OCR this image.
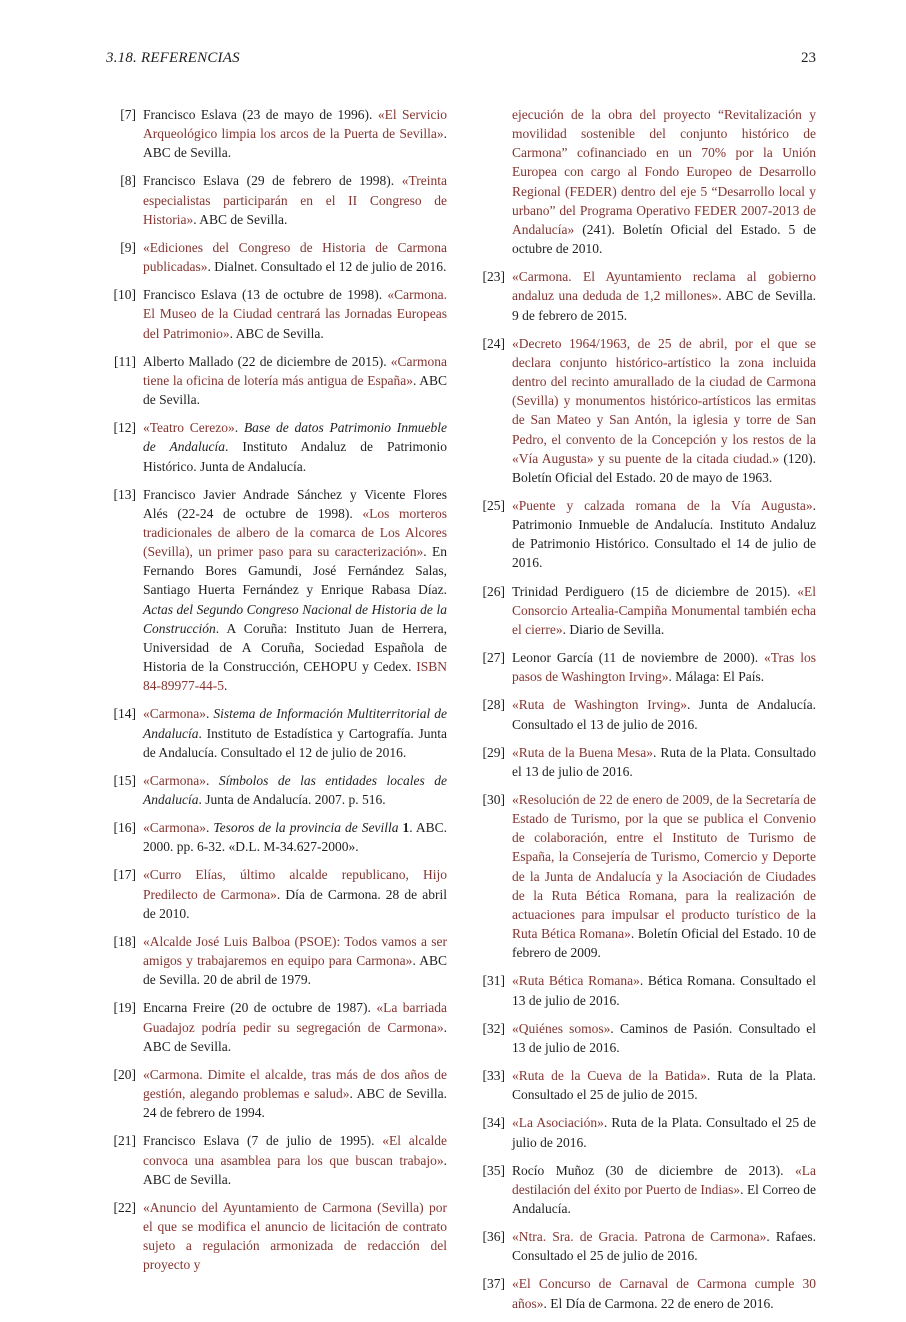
3.18. REFERENCIAS	23
[7] Francisco Eslava (23 de mayo de 1996). «El Servicio Arqueológico limpia los arcos de la Puerta de Sevilla». ABC de Sevilla.
[8] Francisco Eslava (29 de febrero de 1998). «Treinta especialistas participarán en el II Congreso de Historia». ABC de Sevilla.
[9] «Ediciones del Congreso de Historia de Carmona publicadas». Dialnet. Consultado el 12 de julio de 2016.
[10] Francisco Eslava (13 de octubre de 1998). «Carmona. El Museo de la Ciudad centrará las Jornadas Europeas del Patrimonio». ABC de Sevilla.
[11] Alberto Mallado (22 de diciembre de 2015). «Carmona tiene la oficina de lotería más antigua de España». ABC de Sevilla.
[12] «Teatro Cerezo». Base de datos Patrimonio Inmueble de Andalucía. Instituto Andaluz de Patrimonio Histórico. Junta de Andalucía.
[13] Francisco Javier Andrade Sánchez y Vicente Flores Alés (22-24 de octubre de 1998). «Los morteros tradicionales de albero de la comarca de Los Alcores (Sevilla), un primer paso para su caracterización». En Fernando Bores Gamundi, José Fernández Salas, Santiago Huerta Fernández y Enrique Rabasa Díaz. Actas del Segundo Congreso Nacional de Historia de la Construcción. A Coruña: Instituto Juan de Herrera, Universidad de A Coruña, Sociedad Española de Historia de la Construcción, CEHOPU y Cedex. ISBN 84-89977-44-5.
[14] «Carmona». Sistema de Información Multiterritorial de Andalucía. Instituto de Estadística y Cartografía. Junta de Andalucía. Consultado el 12 de julio de 2016.
[15] «Carmona». Símbolos de las entidades locales de Andalucía. Junta de Andalucía. 2007. p. 516.
[16] «Carmona». Tesoros de la provincia de Sevilla 1. ABC. 2000. pp. 6-32. «D.L. M-34.627-2000».
[17] «Curro Elías, último alcalde republicano, Hijo Predilecto de Carmona». Día de Carmona. 28 de abril de 2010.
[18] «Alcalde José Luis Balboa (PSOE): Todos vamos a ser amigos y trabajaremos en equipo para Carmona». ABC de Sevilla. 20 de abril de 1979.
[19] Encarna Freire (20 de octubre de 1987). «La barriada Guadajoz podría pedir su segregación de Carmona». ABC de Sevilla.
[20] «Carmona. Dimite el alcalde, tras más de dos años de gestión, alegando problemas e salud». ABC de Sevilla. 24 de febrero de 1994.
[21] Francisco Eslava (7 de julio de 1995). «El alcalde convoca una asamblea para los que buscan trabajo». ABC de Sevilla.
[22] «Anuncio del Ayuntamiento de Carmona (Sevilla) por el que se modifica el anuncio de licitación de contrato sujeto a regulación armonizada de redacción del proyecto y
ejecución de la obra del proyecto “Revitalización y movilidad sostenible del conjunto histórico de Carmona” cofinanciado en un 70% por la Unión Europea con cargo al Fondo Europeo de Desarrollo Regional (FEDER) dentro del eje 5 “Desarrollo local y urbano” del Programa Operativo FEDER 2007-2013 de Andalucía» (241). Boletín Oficial del Estado. 5 de octubre de 2010.
[23] «Carmona. El Ayuntamiento reclama al gobierno andaluz una deduda de 1,2 millones». ABC de Sevilla. 9 de febrero de 2015.
[24] «Decreto 1964/1963, de 25 de abril, por el que se declara conjunto histórico-artístico la zona incluida dentro del recinto amurallado de la ciudad de Carmona (Sevilla) y monumentos histórico-artísticos las ermitas de San Mateo y San Antón, la iglesia y torre de San Pedro, el convento de la Concepción y los restos de la «Vía Augusta» y su puente de la citada ciudad.» (120). Boletín Oficial del Estado. 20 de mayo de 1963.
[25] «Puente y calzada romana de la Vía Augusta». Patrimonio Inmueble de Andalucía. Instituto Andaluz de Patrimonio Histórico. Consultado el 14 de julio de 2016.
[26] Trinidad Perdiguero (15 de diciembre de 2015). «El Consorcio Artealia-Campiña Monumental también echa el cierre». Diario de Sevilla.
[27] Leonor García (11 de noviembre de 2000). «Tras los pasos de Washington Irving». Málaga: El País.
[28] «Ruta de Washington Irving». Junta de Andalucía. Consultado el 13 de julio de 2016.
[29] «Ruta de la Buena Mesa». Ruta de la Plata. Consultado el 13 de julio de 2016.
[30] «Resolución de 22 de enero de 2009, de la Secretaría de Estado de Turismo, por la que se publica el Convenio de colaboración, entre el Instituto de Turismo de España, la Consejería de Turismo, Comercio y Deporte de la Junta de Andalucía y la Asociación de Ciudades de la Ruta Bética Romana, para la realización de actuaciones para impulsar el producto turístico de la Ruta Bética Romana». Boletín Oficial del Estado. 10 de febrero de 2009.
[31] «Ruta Bética Romana». Bética Romana. Consultado el 13 de julio de 2016.
[32] «Quiénes somos». Caminos de Pasión. Consultado el 13 de julio de 2016.
[33] «Ruta de la Cueva de la Batida». Ruta de la Plata. Consultado el 25 de julio de 2015.
[34] «La Asociación». Ruta de la Plata. Consultado el 25 de julio de 2016.
[35] Rocío Muñoz (30 de diciembre de 2013). «La destilación del éxito por Puerto de Indias». El Correo de Andalucía.
[36] «Ntra. Sra. de Gracia. Patrona de Carmona». Rafaes. Consultado el 25 de julio de 2016.
[37] «El Concurso de Carnaval de Carmona cumple 30 años». El Día de Carmona. 22 de enero de 2016.
